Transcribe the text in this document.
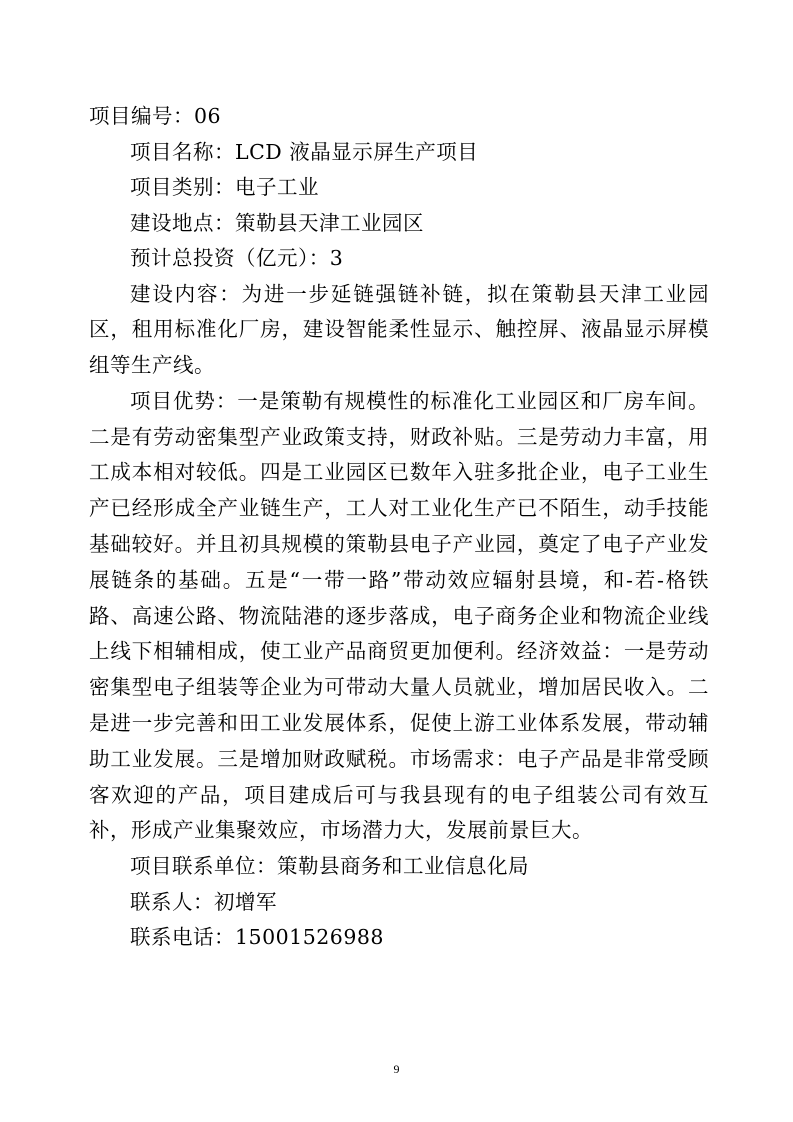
项目编号：06
项目名称：LCD 液晶显示屏生产项目
项目类别：电子工业
建设地点：策勒县天津工业园区
预计总投资（亿元）：3
建设内容：为进一步延链强链补链，拟在策勒县天津工业园区，租用标准化厂房，建设智能柔性显示、触控屏、液晶显示屏模组等生产线。
项目优势：一是策勒有规模性的标准化工业园区和厂房车间。二是有劳动密集型产业政策支持，财政补贴。三是劳动力丰富，用工成本相对较低。四是工业园区已数年入驻多批企业，电子工业生产已经形成全产业链生产，工人对工业化生产已不陌生，动手技能基础较好。并且初具规模的策勒县电子产业园，奠定了电子产业发展链条的基础。五是“一带一路”带动效应辐射县境，和-若-格铁路、高速公路、物流陆港的逐步落成，电子商务企业和物流企业线上线下相辅相成，使工业产品商贸更加便利。经济效益：一是劳动密集型电子组装等企业为可带动大量人员就业，增加居民收入。二是进一步完善和田工业发展体系，促使上游工业体系发展，带动辅助工业发展。三是增加财政赋税。市场需求：电子产品是非常受顾客欢迎的产品，项目建成后可与我县现有的电子组装公司有效互补，形成产业集聚效应，市场潜力大，发展前景巨大。
项目联系单位：策勒县商务和工业信息化局
联系人：初增军
联系电话：15001526988
9
